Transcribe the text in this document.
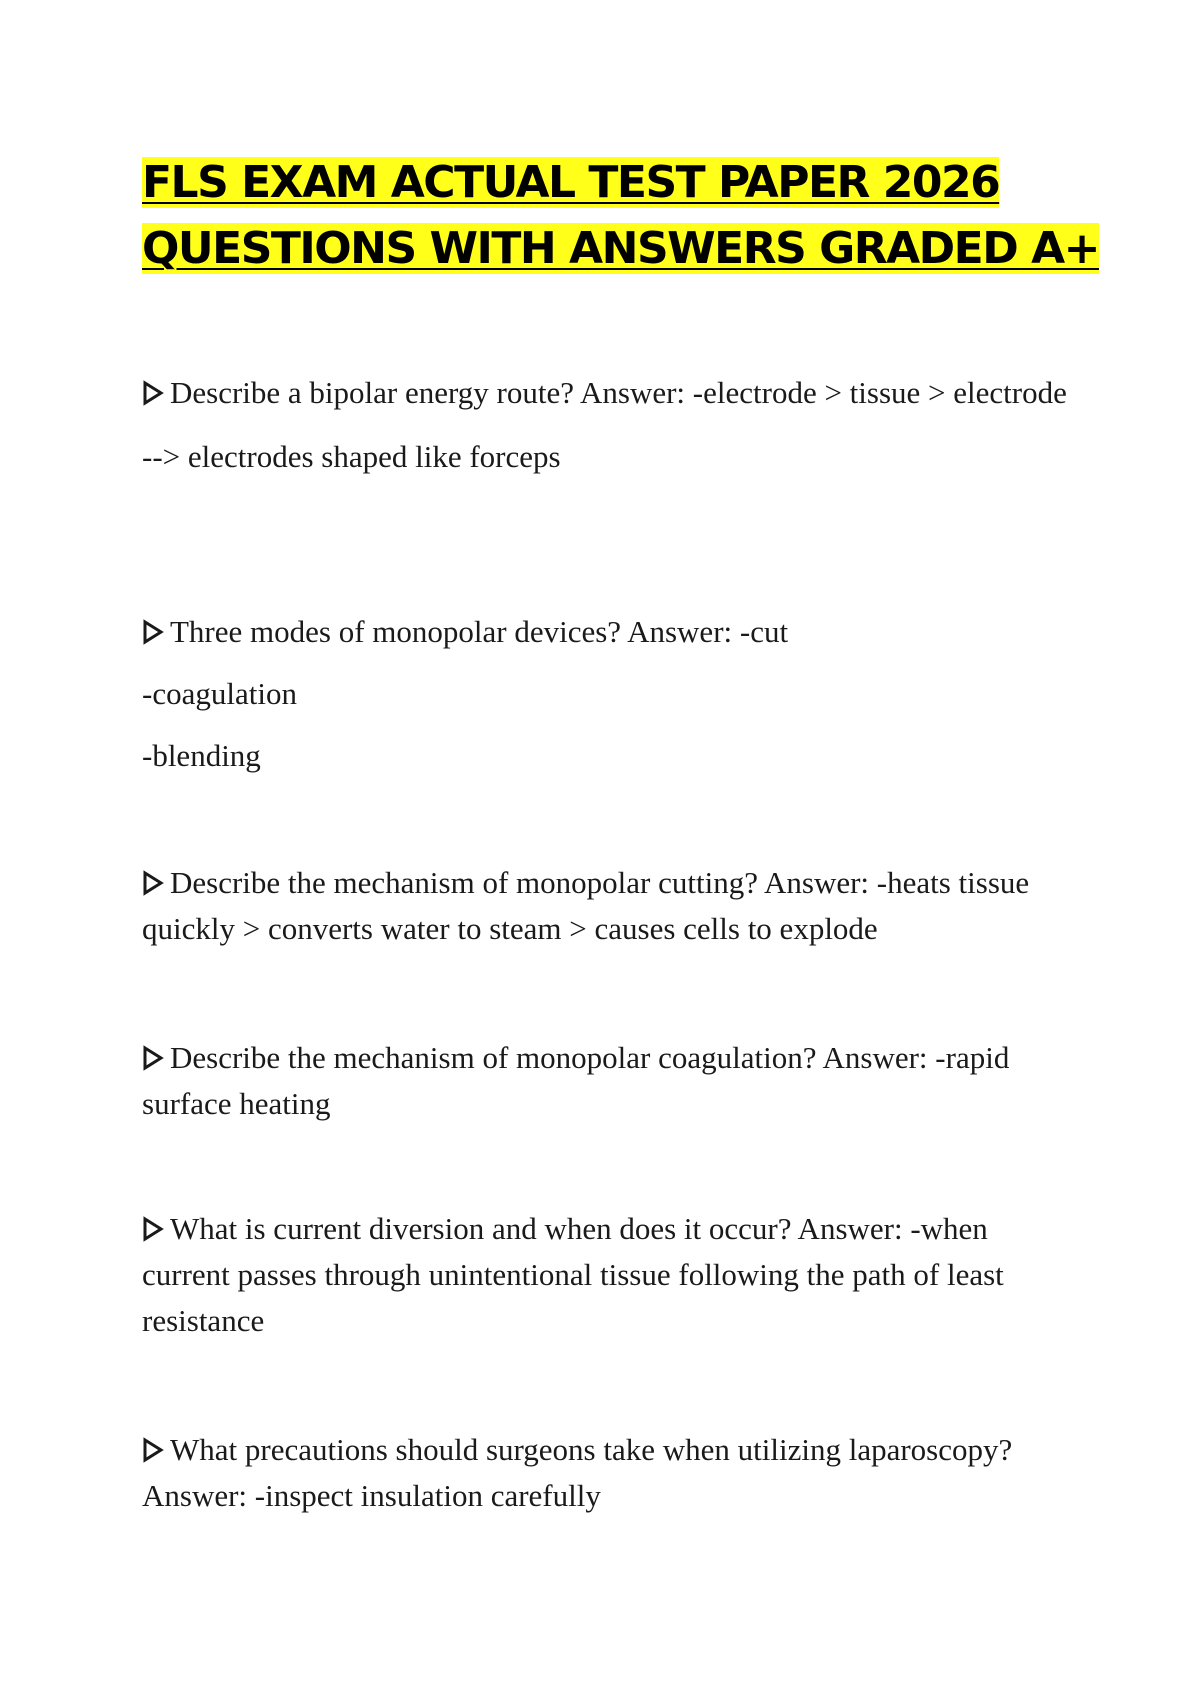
FLS EXAM ACTUAL TEST PAPER 2026
QUESTIONS WITH ANSWERS GRADED A+

Describe a bipolar energy route? Answer: -electrode > tissue > electrode

--> electrodes shaped like forceps

Three modes of monopolar devices? Answer: -cut

-coagulation

-blending

Describe the mechanism of monopolar cutting? Answer: -heats tissue quickly > converts water to steam > causes cells to explode

Describe the mechanism of monopolar coagulation? Answer: -rapid surface heating

What is current diversion and when does it occur? Answer: -when current passes through unintentional tissue following the path of least resistance

What precautions should surgeons take when utilizing laparoscopy? Answer: -inspect insulation carefully
